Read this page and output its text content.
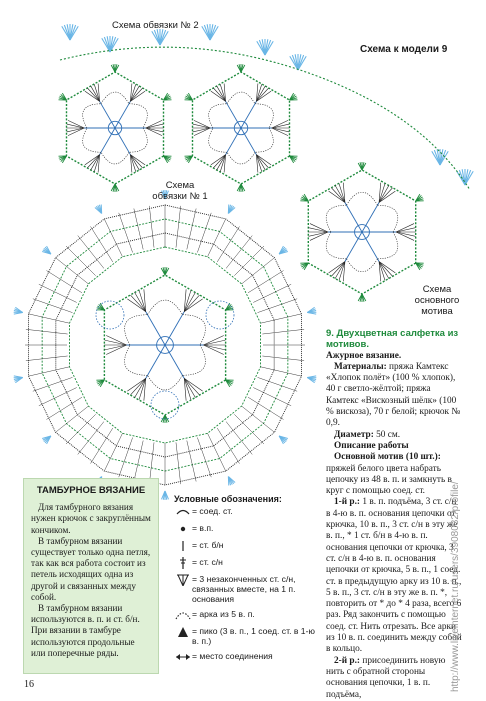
Схема к модели 9
Схема обвязки № 2
Схема
обвязки № 1
Схема
основного
мотива

9. Двухцветная салфетка из мотивов.

Ажурное вязание.

Материалы: пряжа Камтекс «Хлопок полёт» (100 % хлопок), 40 г светло-жёлтой; пряжа Камтекс «Вискозный шёлк» (100 % вискоза), 70 г белой; крючок № 0,9.

Диаметр: 50 см.

Описание работы

Основной мотив (10 шт.): пряжей белого цвета набрать цепочку из 48 в. п. и замкнуть в круг с помощью соед. ст.

1-й р.: 1 в. п. подъёма, 3 ст. с/н в 4-ю в. п. основания цепочки от крючка, 10 в. п., 3 ст. с/н в эту же в. п., * 1 ст. б/н в 4-ю в. п. основания цепочки от крючка, 3 ст. с/н в 4-ю в. п. основания цепочки от крючка, 5 в. п., 1 соед. ст. в предыдущую арку из 10 в. п., 5 в. п., 3 ст. с/н в эту же в. п. *, повторить от * до * 4 раза, всего 6 раз. Ряд закончить с помощью соед. ст. Нить отрезать. Все арки из 10 в. п. соединить между собой в кольцо.

2-й р.: присоединить новую нить с обратной стороны основания цепочки, 1 в. п. подъёма,

ТАМБУРНОЕ ВЯЗАНИЕ

Для тамбурного вязания нужен крючок с закруглённым кончиком.

В тамбурном вязании существует только одна петля, так как вся работа состоит из петель исходящих одна из другой и связанных между собой.

В тамбурном вязании используются в. п. и ст. б/н. При вязании в тамбуре используются продольные или поперечные ряды.

Условные обозначения:
= соед. ст.
= в.п.
= ст. б/н
= ст. с/н
= 3 незаконченных ст. с/н, связанных вместе, на 1 п. основания
= арка из 5 в. п.
= пико (3 в. п., 1 соед. ст. в 1-ю в. п.)
= место соединения
16	http://www.liveinternet.ru/users/3908032/profile/
